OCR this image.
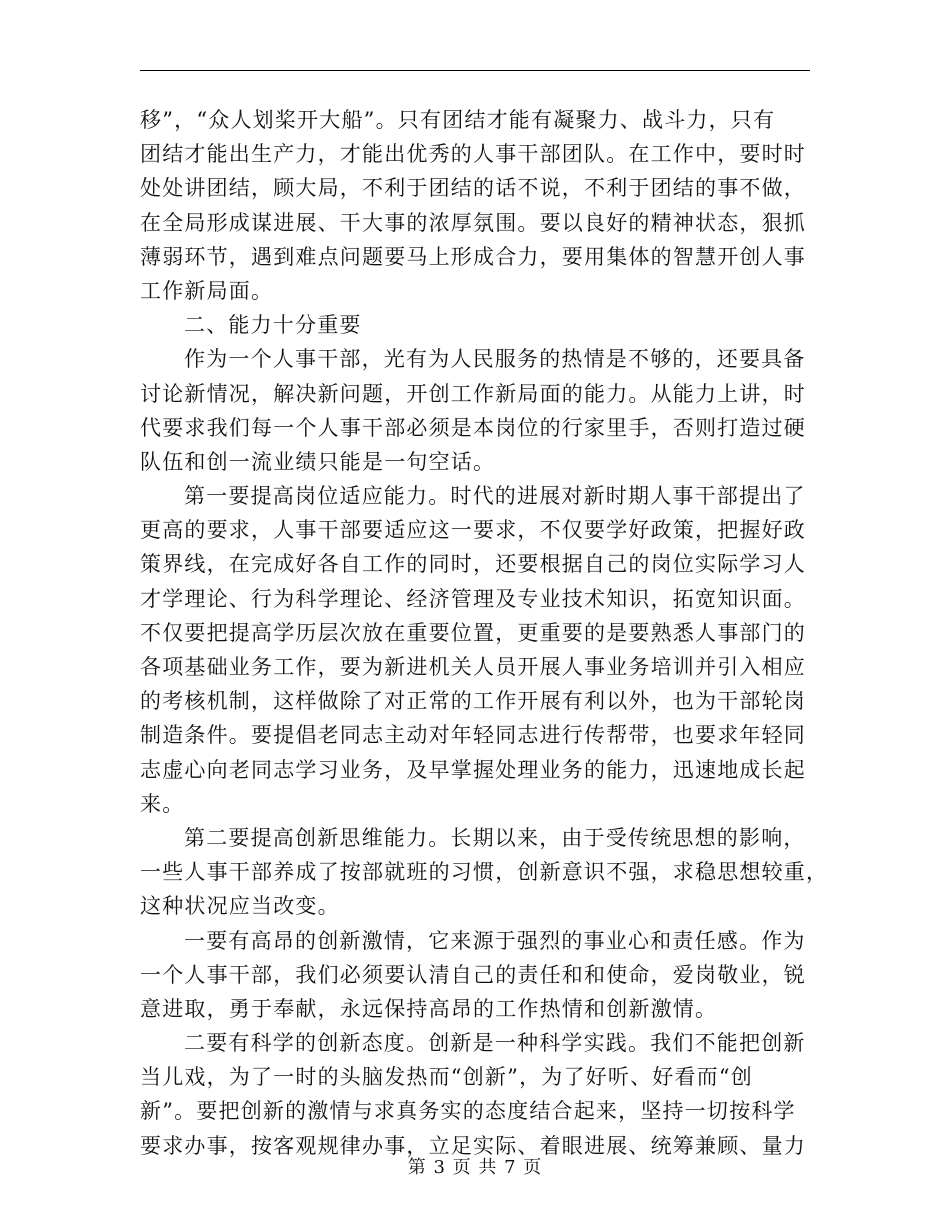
移”，“众人划桨开大船”。只有团结才能有凝聚力、战斗力，只有
团结才能出生产力，才能出优秀的人事干部团队。在工作中，要时时
处处讲团结，顾大局，不利于团结的话不说，不利于团结的事不做，
在全局形成谋进展、干大事的浓厚氛围。要以良好的精神状态，狠抓
薄弱环节，遇到难点问题要马上形成合力，要用集体的智慧开创人事
工作新局面。
二、能力十分重要
作为一个人事干部，光有为人民服务的热情是不够的，还要具备
讨论新情况，解决新问题，开创工作新局面的能力。从能力上讲，时
代要求我们每一个人事干部必须是本岗位的行家里手，否则打造过硬
队伍和创一流业绩只能是一句空话。
第一要提高岗位适应能力。时代的进展对新时期人事干部提出了
更高的要求，人事干部要适应这一要求，不仅要学好政策，把握好政
策界线，在完成好各自工作的同时，还要根据自己的岗位实际学习人
才学理论、行为科学理论、经济管理及专业技术知识，拓宽知识面。
不仅要把提高学历层次放在重要位置，更重要的是要熟悉人事部门的
各项基础业务工作，要为新进机关人员开展人事业务培训并引入相应
的考核机制，这样做除了对正常的工作开展有利以外，也为干部轮岗
制造条件。要提倡老同志主动对年轻同志进行传帮带，也要求年轻同
志虚心向老同志学习业务，及早掌握处理业务的能力，迅速地成长起
来。
第二要提高创新思维能力。长期以来，由于受传统思想的影响，
一些人事干部养成了按部就班的习惯，创新意识不强，求稳思想较重，
这种状况应当改变。
一要有高昂的创新激情，它来源于强烈的事业心和责任感。作为
一个人事干部，我们必须要认清自己的责任和和使命，爱岗敬业，锐
意进取，勇于奉献，永远保持高昂的工作热情和创新激情。
二要有科学的创新态度。创新是一种科学实践。我们不能把创新
当儿戏，为了一时的头脑发热而“创新”，为了好听、好看而“创
新”。要把创新的激情与求真务实的态度结合起来，坚持一切按科学
要求办事，按客观规律办事，立足实际、着眼进展、统筹兼顾、量力
第 3 页 共 7 页
